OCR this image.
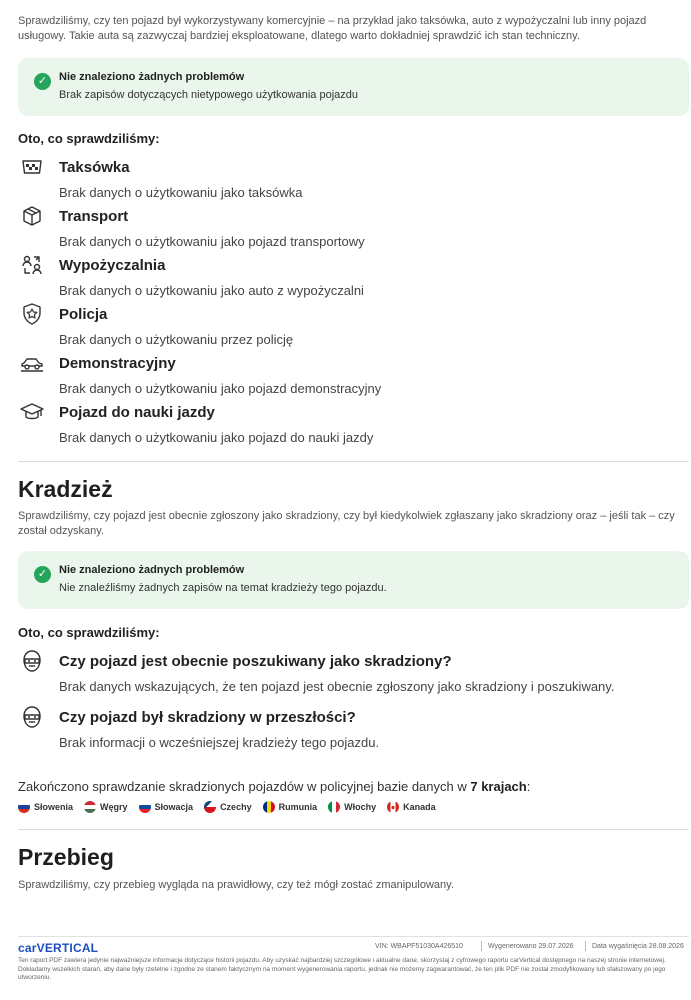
Sprawdziliśmy, czy ten pojazd był wykorzystywany komercyjnie – na przykład jako taksówka, auto z wypożyczalni lub inny pojazd usługowy. Takie auta są zazwyczaj bardziej eksploatowane, dlatego warto dokładniej sprawdzić ich stan techniczny.

✓	Nie znaleziono żadnych problemów
Brak zapisów dotyczących nietypowego użytkowania pojazdu
Oto, co sprawdziliśmy:
Taksówka
Brak danych o użytkowaniu jako taksówka
Transport
Brak danych o użytkowaniu jako pojazd transportowy
Wypożyczalnia
Brak danych o użytkowaniu jako auto z wypożyczalni
Policja
Brak danych o użytkowaniu przez policję
Demonstracyjny
Brak danych o użytkowaniu jako pojazd demonstracyjny
Pojazd do nauki jazdy
Brak danych o użytkowaniu jako pojazd do nauki jazdy
Kradzież

Sprawdziliśmy, czy pojazd jest obecnie zgłoszony jako skradziony, czy był kiedykolwiek zgłaszany jako skradziony oraz – jeśli tak – czy został odzyskany.

✓	Nie znaleziono żadnych problemów
Nie znaleźliśmy żadnych zapisów na temat kradzieży tego pojazdu.
Oto, co sprawdziliśmy:
Czy pojazd jest obecnie poszukiwany jako skradziony?
Brak danych wskazujących, że ten pojazd jest obecnie zgłoszony jako skradziony i poszukiwany.
Czy pojazd był skradziony w przeszłości?
Brak informacji o wcześniejszej kradzieży tego pojazdu.
Zakończono sprawdzanie skradzionych pojazdów w policyjnej bazie danych w 7 krajach:
Słowenia	Węgry	Słowacja	Czechy	Rumunia	Włochy	Kanada
Przebieg

Sprawdziliśmy, czy przebieg wygląda na prawidłowy, czy też mógł zostać zmanipulowany.

carVERTICAL	VIN: WBAPF51030A426510	Wygenerowano 29.07.2026	Data wygaśnięcia 28.08.2026

Ten raport PDF zawiera jedynie najważniejsze informacje dotyczące historii pojazdu. Aby uzyskać najbardziej szczegółowe i aktualne dane, skorzystaj z cyfrowego raportu carVertical dostępnego na naszej stronie internetowej. Dokładamy wszelkich starań, aby dane były rzetelne i zgodne ze stanem faktycznym na moment wygenerowania raportu, jednak nie możemy zagwarantować, że ten plik PDF nie został zmodyfikowany lub sfałszowany po jego utworzeniu.
